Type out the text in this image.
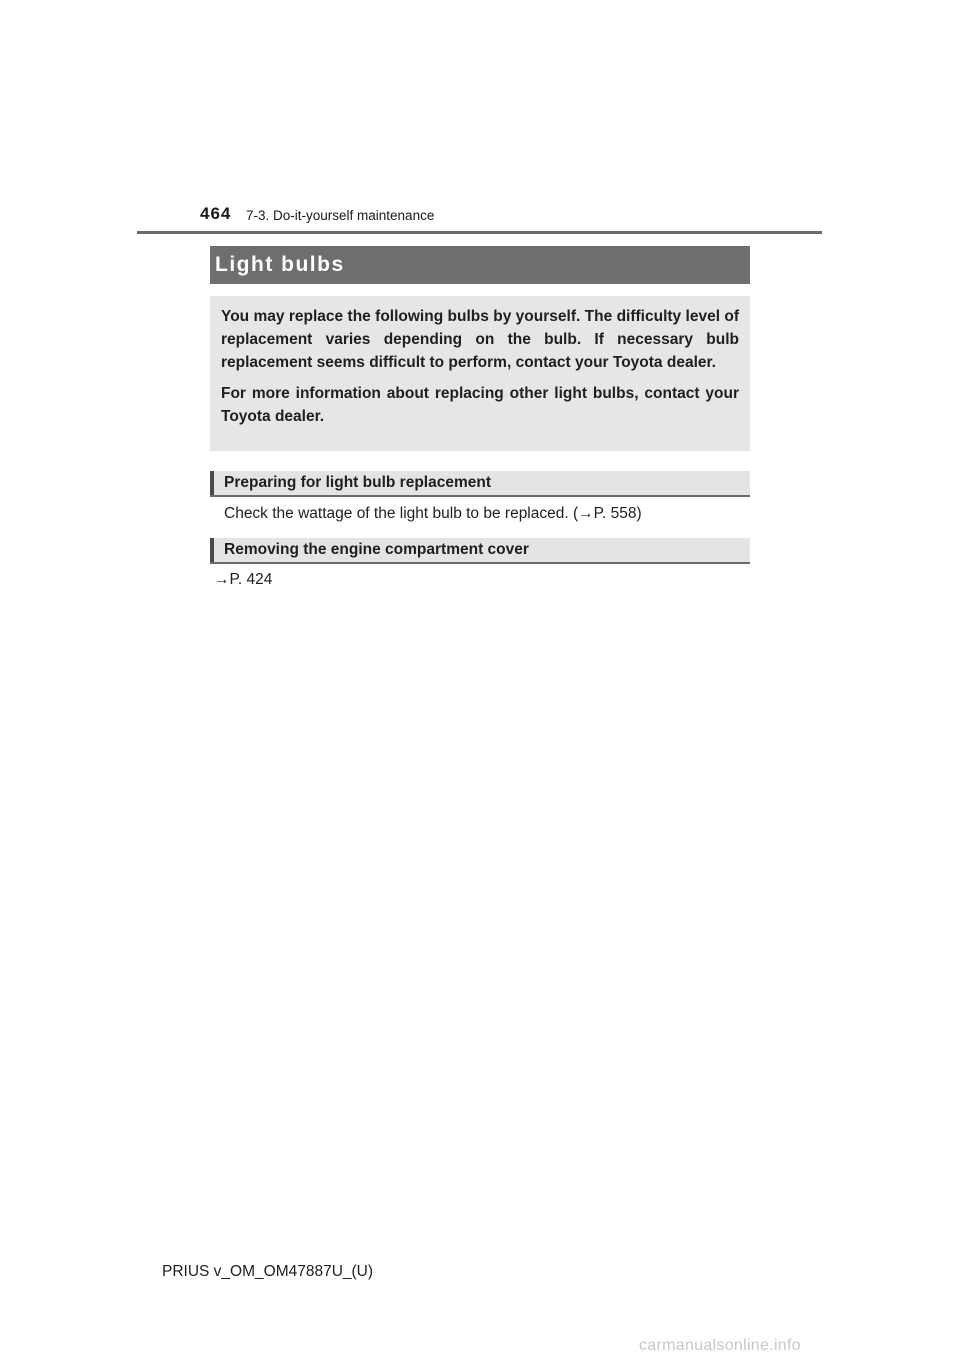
464 7-3. Do-it-yourself maintenance
Light bulbs

You may replace the following bulbs by yourself. The difficulty level of replacement varies depending on the bulb. If necessary bulb replacement seems difficult to perform, contact your Toyota dealer.

For more information about replacing other light bulbs, contact your Toyota dealer.

Preparing for light bulb replacement
Check the wattage of the light bulb to be replaced. (→P. 558)
Removing the engine compartment cover
→P. 424
PRIUS v_OM_OM47887U_(U)
carmanualsonline.info
